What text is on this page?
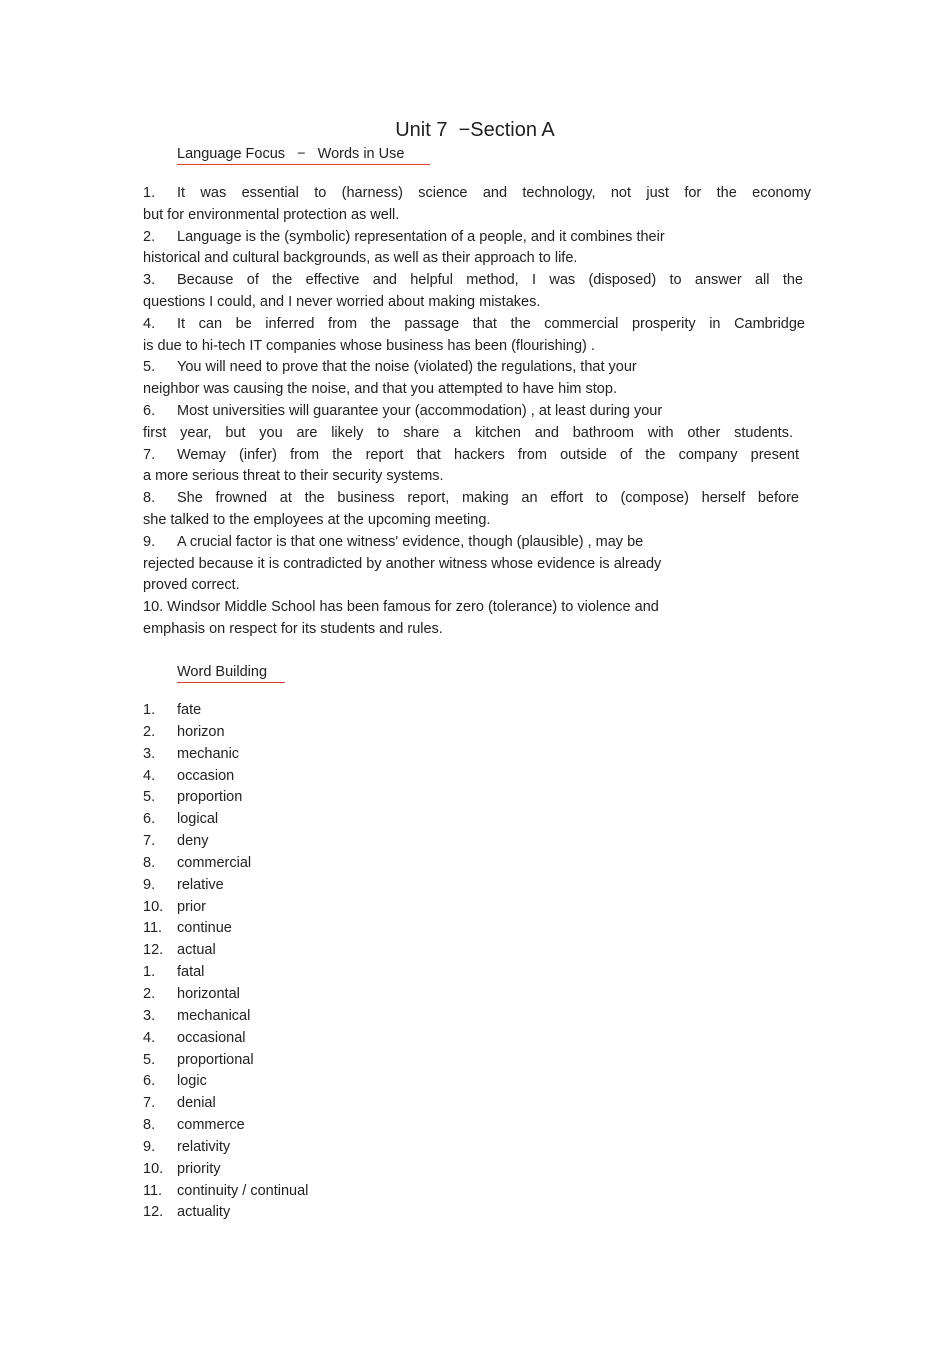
Unit 7  −Section A
Language Focus   −   Words in Use
1.	It was essential to (harness) science and technology, not just for the economy
but for environmental protection as well.
2.	Language is the (symbolic) representation of a people, and it combines their
historical and cultural backgrounds, as well as their approach to life.
3.	Because of the effective and helpful method, I was (disposed) to answer all the
questions I could, and I never worried about making mistakes.
4.	It can be inferred from the passage that the commercial prosperity in Cambridge
is due to hi-tech IT companies whose business has been (flourishing) .
5.	You will need to prove that the noise (violated) the regulations, that your
neighbor was causing the noise, and that you attempted to have him stop.
6.	Most universities will guarantee your (accommodation) , at least during your
first year, but you are likely to share a kitchen and bathroom with other students.
7.	Wemay (infer) from the report that hackers from outside of the company present
a more serious threat to their security systems.
8.	She frowned at the business report, making an effort to (compose) herself before
she talked to the employees at the upcoming meeting.
9.	A crucial factor is that one witness' evidence, though (plausible) , may be
rejected because it is contradicted by another witness whose evidence is already
proved correct.
10. Windsor Middle School has been famous for zero (tolerance) to violence and
emphasis on respect for its students and rules.
Word Building
1.	fate
2.	horizon
3.	mechanic
4.	occasion
5.	proportion
6.	logical
7.	deny
8.	commercial
9.	relative
10. prior
11.	continue
12. actual
1.	fatal
2.	horizontal
3.	mechanical
4.	occasional
5.	proportional
6.	logic
7.	denial
8.	commerce
9.	relativity
10. priority
11.	continuity / continual
12. actuality
